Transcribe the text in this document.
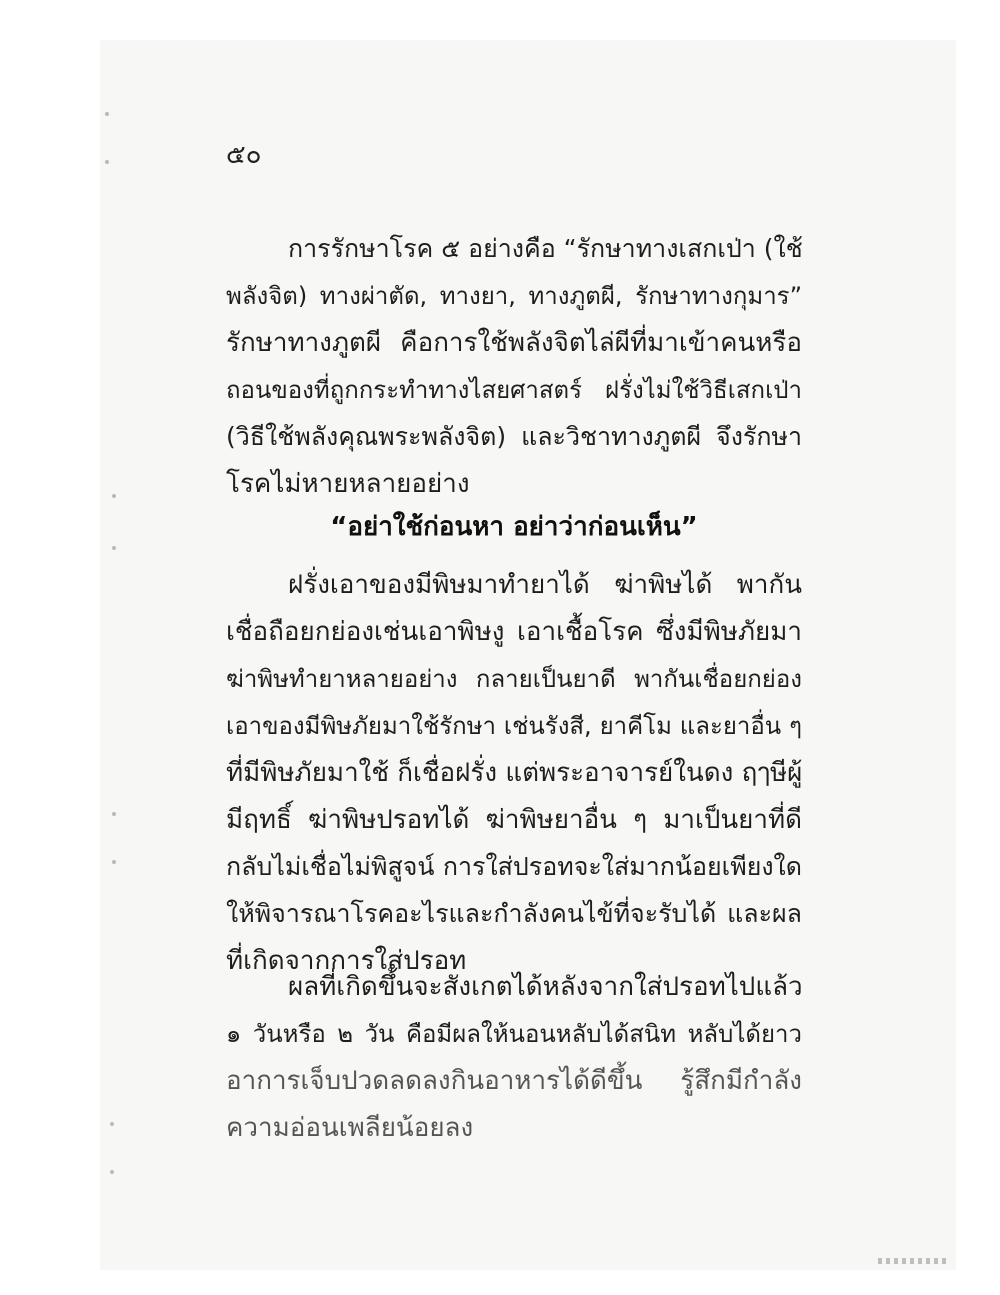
๕๐
การรักษาโรค ๕ อย่างคือ “รักษาทางเสกเป่า (ใช้
พลังจิต) ทางผ่าตัด, ทางยา, ทางภูตผี, รักษาทางกุมาร”
รักษาทางภูตผี คือการใช้พลังจิตไล่ผีที่มาเข้าคนหรือ
ถอนของที่ถูกกระทำทางไสยศาสตร์ ฝรั่งไม่ใช้วิธีเสกเป่า
(วิธีใช้พลังคุณพระพลังจิต) และวิชาทางภูตผี จึงรักษา
โรคไม่หายหลายอย่าง
“อย่าใช้ก่อนหา อย่าว่าก่อนเห็น”
ฝรั่งเอาของมีพิษมาทำยาได้ ฆ่าพิษได้ พากัน
เชื่อถือยกย่องเช่นเอาพิษงู เอาเชื้อโรค ซึ่งมีพิษภัยมา
ฆ่าพิษทำยาหลายอย่าง กลายเป็นยาดี พากันเชื่อยกย่อง
เอาของมีพิษภัยมาใช้รักษา เช่นรังสี, ยาคีโม และยาอื่น ๆ
ที่มีพิษภัยมาใช้ ก็เชื่อฝรั่ง แต่พระอาจารย์ในดง ฤๅษีผู้
มีฤทธิ์ ฆ่าพิษปรอทได้ ฆ่าพิษยาอื่น ๆ มาเป็นยาที่ดี
กลับไม่เชื่อไม่พิสูจน์ การใส่ปรอทจะใส่มากน้อยเพียงใด
ให้พิจารณาโรคอะไรและกำลังคนไข้ที่จะรับได้ และผล
ที่เกิดจากการใส่ปรอท
ผลที่เกิดขึ้นจะสังเกตได้หลังจากใส่ปรอทไปแล้ว
๑ วันหรือ ๒ วัน คือมีผลให้นอนหลับได้สนิท หลับได้ยาว
อาการเจ็บปวดลดลงกินอาหารได้ดีขึ้น รู้สึกมีกำลัง
ความอ่อนเพลียน้อยลง
